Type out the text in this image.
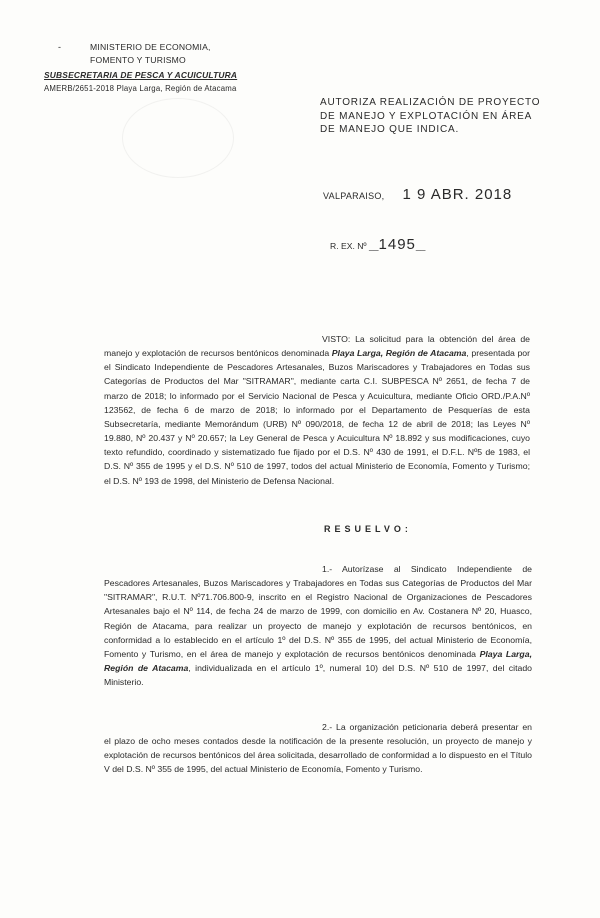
-	MINISTERIO DE ECONOMIA,
FOMENTO Y TURISMO
SUBSECRETARIA DE PESCA Y ACUICULTURA
AMERB/2651-2018 Playa Larga, Región de Atacama
AUTORIZA REALIZACIÓN DE PROYECTO DE MANEJO Y EXPLOTACIÓN EN ÁREA DE MANEJO QUE INDICA.
VALPARAISO, 1 9 ABR. 2018
R. EX. Nº __1495__
VISTO: La solicitud para la obtención del área de manejo y explotación de recursos bentónicos denominada Playa Larga, Región de Atacama, presentada por el Sindicato Independiente de Pescadores Artesanales, Buzos Mariscadores y Trabajadores en Todas sus Categorías de Productos del Mar "SITRAMAR", mediante carta C.I. SUBPESCA Nº 2651, de fecha 7 de marzo de 2018; lo informado por el Servicio Nacional de Pesca y Acuicultura, mediante Oficio ORD./P.A.Nº 123562, de fecha 6 de marzo de 2018; lo informado por el Departamento de Pesquerías de esta Subsecretaría, mediante Memorándum (URB) Nº 090/2018, de fecha 12 de abril de 2018; las Leyes Nº 19.880, Nº 20.437 y Nº 20.657; la Ley General de Pesca y Acuicultura Nº 18.892 y sus modificaciones, cuyo texto refundido, coordinado y sistematizado fue fijado por el D.S. Nº 430 de 1991, el D.F.L. Nº5 de 1983, el D.S. Nº 355 de 1995 y el D.S. Nº 510 de 1997, todos del actual Ministerio de Economía, Fomento y Turismo; el D.S. Nº 193 de 1998, del Ministerio de Defensa Nacional.
RESUELVO:
1.- Autorízase al Sindicato Independiente de Pescadores Artesanales, Buzos Mariscadores y Trabajadores en Todas sus Categorías de Productos del Mar "SITRAMAR", R.U.T. Nº71.706.800-9, inscrito en el Registro Nacional de Organizaciones de Pescadores Artesanales bajo el Nº 114, de fecha 24 de marzo de 1999, con domicilio en Av. Costanera Nº 20, Huasco, Región de Atacama, para realizar un proyecto de manejo y explotación de recursos bentónicos, en conformidad a lo establecido en el artículo 1º del D.S. Nº 355 de 1995, del actual Ministerio de Economía, Fomento y Turismo, en el área de manejo y explotación de recursos bentónicos denominada Playa Larga, Región de Atacama, individualizada en el artículo 1º, numeral 10) del D.S. Nº 510 de 1997, del citado Ministerio.
2.- La organización peticionaria deberá presentar en el plazo de ocho meses contados desde la notificación de la presente resolución, un proyecto de manejo y explotación de recursos bentónicos del área solicitada, desarrollado de conformidad a lo dispuesto en el Título V del D.S. Nº 355 de 1995, del actual Ministerio de Economía, Fomento y Turismo.
